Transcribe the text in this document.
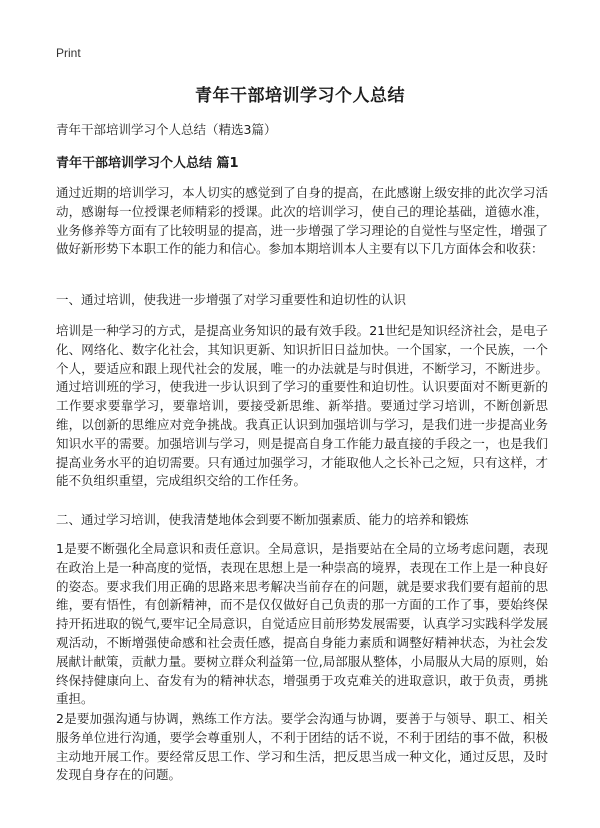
Print
青年干部培训学习个人总结

青年干部培训学习个人总结（精选3篇）

青年干部培训学习个人总结 篇1

通过近期的培训学习，本人切实的感觉到了自身的提高，在此感谢上级安排的此次学习活动，感谢每一位授课老师精彩的授课。此次的培训学习，使自己的理论基础，道德水准，业务修养等方面有了比较明显的提高，进一步增强了学习理论的自觉性与坚定性，增强了做好新形势下本职工作的能力和信心。参加本期培训本人主要有以下几方面体会和收获：

一、通过培训，使我进一步增强了对学习重要性和迫切性的认识

培训是一种学习的方式，是提高业务知识的最有效手段。21世纪是知识经济社会，是电子化、网络化、数字化社会，其知识更新、知识折旧日益加快。一个国家，一个民族，一个个人，要适应和跟上现代社会的发展，唯一的办法就是与时俱进，不断学习，不断进步。通过培训班的学习，使我进一步认识到了学习的重要性和迫切性。认识要面对不断更新的工作要求要靠学习，要靠培训，要接受新思维、新举措。要通过学习培训，不断创新思维，以创新的思维应对竞争挑战。我真正认识到加强培训与学习，是我们进一步提高业务知识水平的需要。加强培训与学习，则是提高自身工作能力最直接的手段之一，也是我们提高业务水平的迫切需要。只有通过加强学习，才能取他人之长补己之短，只有这样，才能不负组织重望，完成组织交给的工作任务。

二、通过学习培训，使我清楚地体会到要不断加强素质、能力的培养和锻炼

1是要不断强化全局意识和责任意识。全局意识，是指要站在全局的立场考虑问题，表现在政治上是一种高度的觉悟，表现在思想上是一种崇高的境界，表现在工作上是一种良好的姿态。要求我们用正确的思路来思考解决当前存在的问题，就是要求我们要有超前的思维，要有悟性，有创新精神，而不是仅仅做好自己负责的那一方面的工作了事，要始终保持开拓进取的锐气,要牢记全局意识，自觉适应目前形势发展需要，认真学习实践科学发展观活动，不断增强使命感和社会责任感，提高自身能力素质和调整好精神状态，为社会发展献计献策，贡献力量。要树立群众利益第一位,局部服从整体，小局服从大局的原则，始终保持健康向上、奋发有为的精神状态，增强勇于攻克难关的进取意识，敢于负责，勇挑重担。

2是要加强沟通与协调，熟练工作方法。要学会沟通与协调，要善于与领导、职工、相关服务单位进行沟通，要学会尊重别人，不利于团结的话不说，不利于团结的事不做，积极主动地开展工作。要经常反思工作、学习和生活，把反思当成一种文化，通过反思，及时发现自身存在的问题。
